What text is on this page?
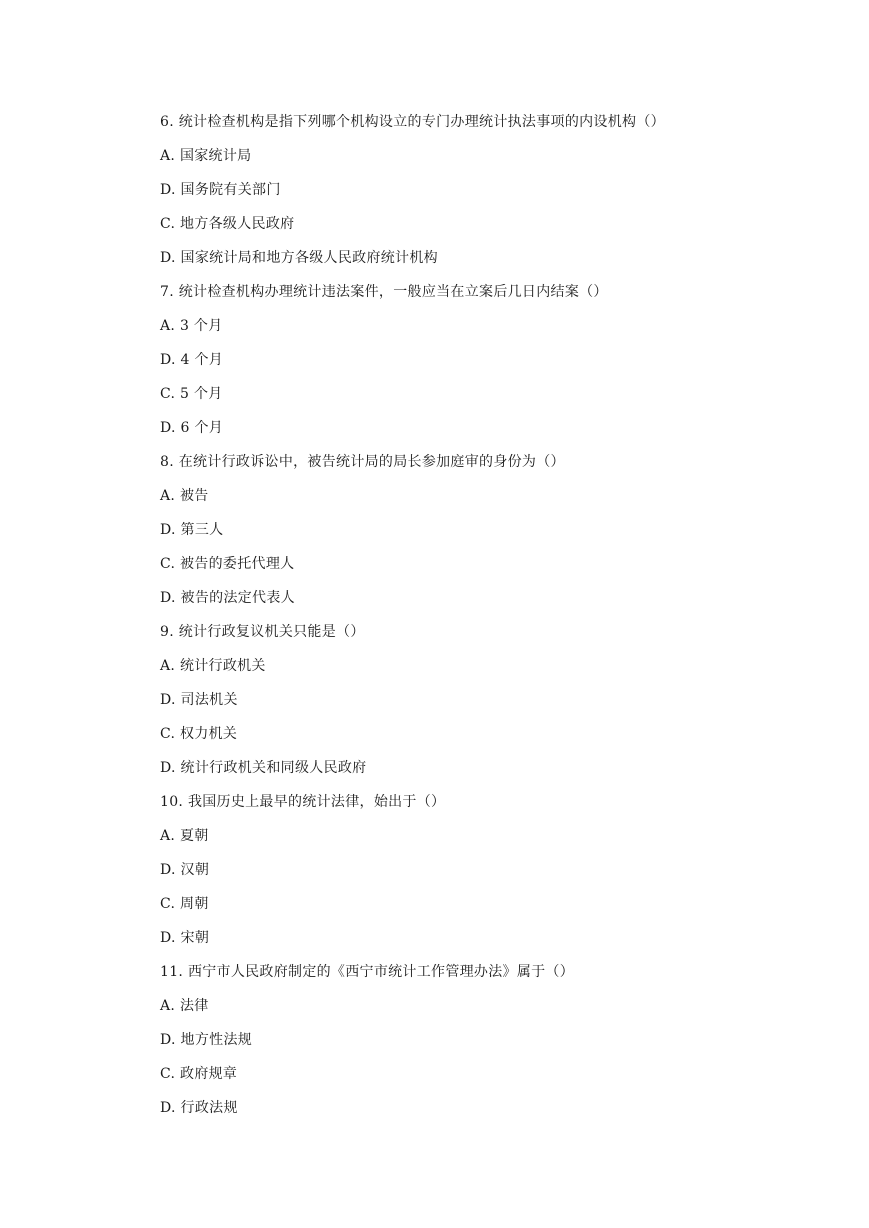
6. 统计检查机构是指下列哪个机构设立的专门办理统计执法事项的内设机构（）
A. 国家统计局
D. 国务院有关部门
C. 地方各级人民政府
D. 国家统计局和地方各级人民政府统计机构
7. 统计检查机构办理统计违法案件，一般应当在立案后几日内结案（）
A. 3 个月
D. 4 个月
C. 5 个月
D. 6 个月
8. 在统计行政诉讼中，被告统计局的局长参加庭审的身份为（）
A. 被告
D. 第三人
C. 被告的委托代理人
D. 被告的法定代表人
9. 统计行政复议机关只能是（）
A. 统计行政机关
D. 司法机关
C. 权力机关
D. 统计行政机关和同级人民政府
10. 我国历史上最早的统计法律，始出于（）
A. 夏朝
D. 汉朝
C. 周朝
D. 宋朝
11. 西宁市人民政府制定的《西宁市统计工作管理办法》属于（）
A. 法律
D. 地方性法规
C. 政府规章
D. 行政法规
